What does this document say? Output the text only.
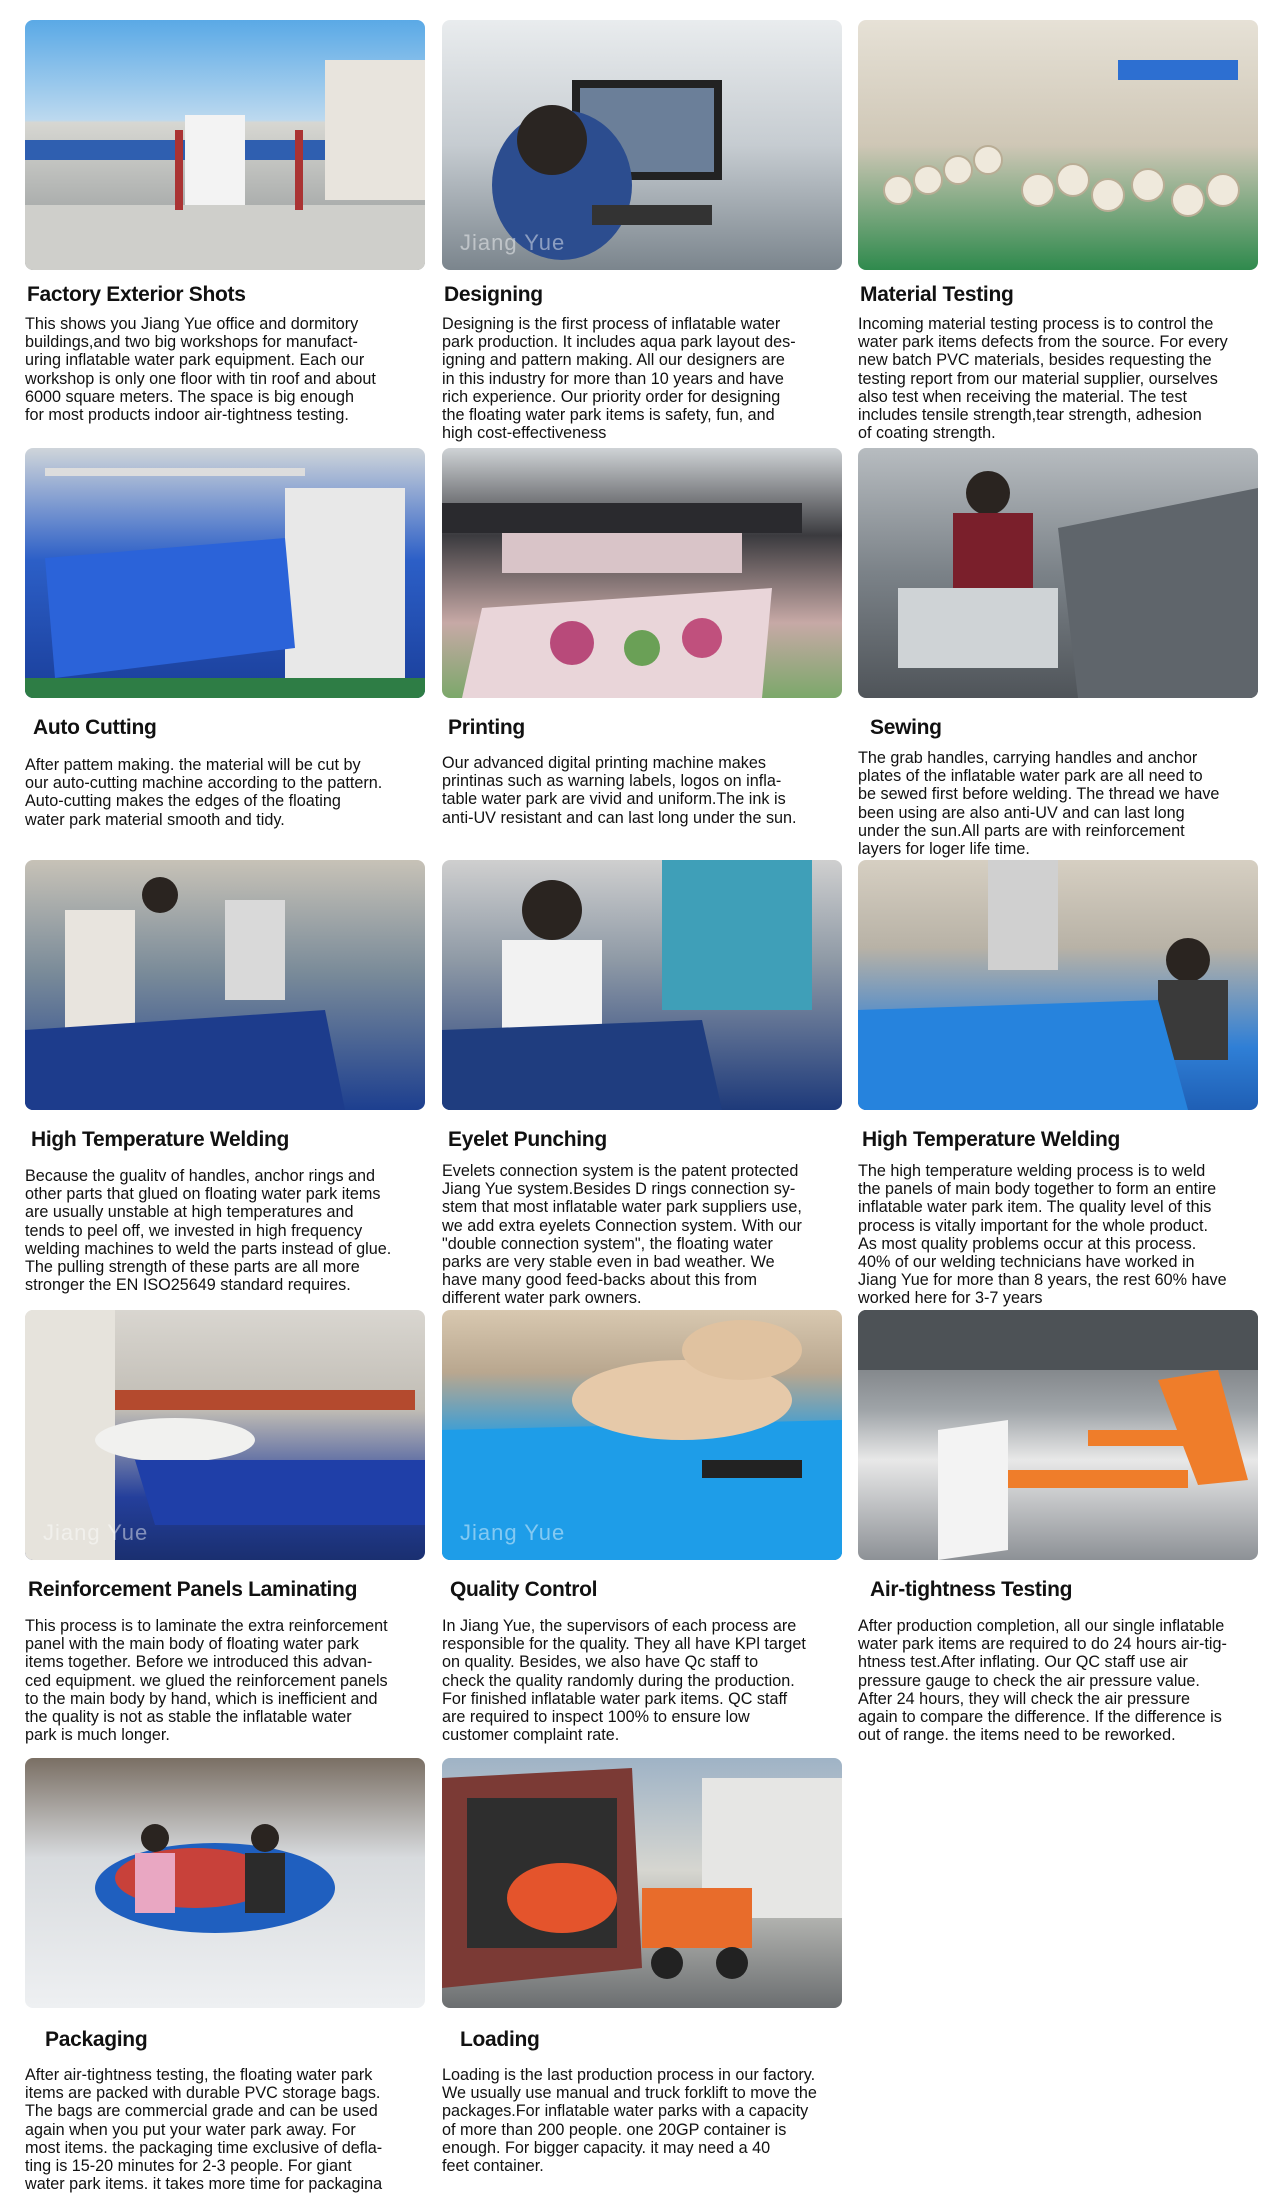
Factory Exterior Shots
This shows you Jiang Yue office and dormitory
buildings,and two big workshops for manufact-
uring inflatable water park equipment. Each our
workshop is only one floor with tin roof and about
6000 square meters. The space is big enough
for most products indoor air-tightness testing.
Jiang Yue
Designing
Designing is the first process of inflatable water
park production. It includes aqua park layout des-
igning and pattern making. All our designers are
in this industry for more than 10 years and have
rich experience. Our priority order for designing
the floating water park items is safety, fun, and
high cost-effectiveness
Material Testing
Incoming material testing process is to control the
water park items defects from the source. For every
new batch PVC materials, besides requesting the
testing report from our material supplier, ourselves
also test when receiving the material. The test
includes tensile strength,tear strength, adhesion
of coating strength.
Auto Cutting
After pattem making. the material will be cut by
our auto-cutting machine according to the pattern.
Auto-cutting makes the edges of the floating
water park material smooth and tidy.
Printing
Our advanced digital printing machine makes
printinas such as warning labels, logos on infla-
table water park are vivid and uniform.The ink is
anti-UV resistant and can last long under the sun.
Sewing
The grab handles, carrying handles and anchor
plates of the inflatable water park are all need to
be sewed first before welding. The thread we have
been using are also anti-UV and can last long
under the sun.All parts are with reinforcement
layers for loger life time.
High Temperature Welding
Because the gualitv of handles, anchor rings and
other parts that glued on floating water park items
are usually unstable at high temperatures and
tends to peel off, we invested in high frequency
welding machines to weld the parts instead of glue.
The pulling strength of these parts are all more
stronger the EN ISO25649 standard requires.
Eyelet Punching
Evelets connection system is the patent protected
Jiang Yue system.Besides D rings connection sy-
stem that most inflatable water park suppliers use,
we add extra eyelets Connection system. With our
"double connection system", the floating water
parks are very stable even in bad weather. We
have many good feed-backs about this from
different water park owners.
High Temperature Welding
The high temperature welding process is to weld
the panels of main body together to form an entire
inflatable water park item. The quality level of this
process is vitally important for the whole product.
As most quality problems occur at this process.
40% of our welding technicians have worked in
Jiang Yue for more than 8 years, the rest 60% have
worked here for 3-7 years
Jiang Yue
Reinforcement Panels Laminating
This process is to laminate the extra reinforcement
panel with the main body of floating water park
items together. Before we introduced this advan-
ced equipment. we glued the reinforcement panels
to the main body by hand, which is inefficient and
the quality is not as stable the inflatable water
park is much longer.
Jiang Yue
Quality Control
In Jiang Yue, the supervisors of each process are
responsible for the quality. They all have KPl target
on quality. Besides, we also have Qc staff to
check the quality randomly during the production.
For finished inflatable water park items. QC staff
are required to inspect 100% to ensure low
customer complaint rate.
Air-tightness Testing
After production completion, all our single inflatable
water park items are required to do 24 hours air-tig-
htness test.After inflating. Our QC staff use air
pressure gauge to check the air pressure value.
After 24 hours, they will check the air pressure
again to compare the difference. If the difference is
out of range. the items need to be reworked.
Packaging
After air-tightness testing, the floating water park
items are packed with durable PVC storage bags.
The bags are commercial grade and can be used
again when you put your water park away. For
most items. the packaging time exclusive of defla-
ting is 15-20 minutes for 2-3 people. For giant
water park items. it takes more time for packagina
Loading
Loading is the last production process in our factory.
We usually use manual and truck forklift to move the
packages.For inflatable water parks with a capacity
of more than 200 people. one 20GP container is
enough. For bigger capacity. it may need a 40
feet container.
